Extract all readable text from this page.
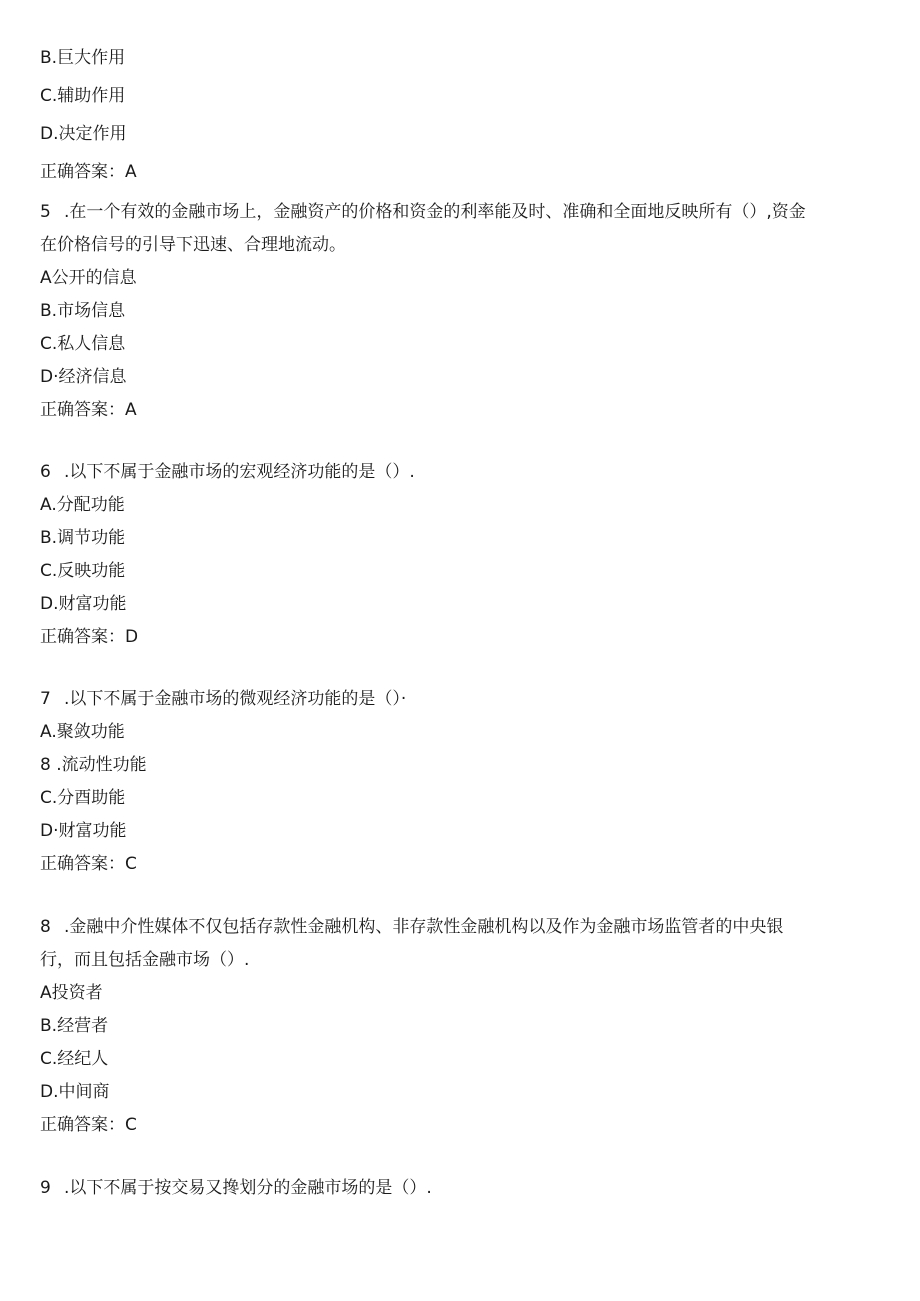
B.巨大作用
C.辅助作用
D.决定作用
正确答案：A
5 .在一个有效的金融市场上，金融资产的价格和资金的利率能及时、准确和全面地反映所有（）,资金
在价格信号的引导下迅速、合理地流动。
A公开的信息
B.市场信息
C.私人信息
D·经济信息
正确答案：A
6 .以下不属于金融市场的宏观经济功能的是（）.
A.分配功能
B.调节功能
C.反映功能
D.财富功能
正确答案：D
7 .以下不属于金融市场的微观经济功能的是（）·
A.聚敛功能
8 .流动性功能
C.分酉助能
D·财富功能
正确答案：C
8 .金融中介性媒体不仅包括存款性金融机构、非存款性金融机构以及作为金融市场监管者的中央银
行，而且包括金融市场（）.
A投资者
B.经营者
C.经纪人
D.中间商
正确答案：C
9 .以下不属于按交易又搀划分的金融市场的是（）.
